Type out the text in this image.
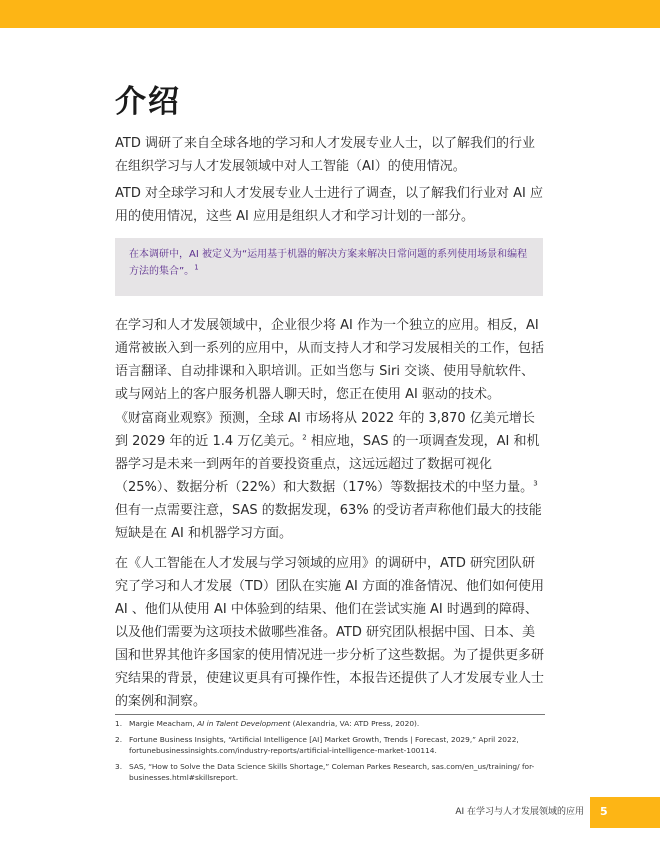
介绍

ATD 调研了来自全球各地的学习和人才发展专业人士，以了解我们的行业在组织学习与人才发展领域中对人工智能（AI）的使用情况。

ATD 对全球学习和人才发展专业人士进行了调查，以了解我们行业对 AI 应用的使用情况，这些 AI 应用是组织人才和学习计划的一部分。

在本调研中，AI 被定义为“运用基于机器的解决方案来解决日常问题的系列使用场景和编程方法的集合”。$^1$

在学习和人才发展领域中，企业很少将 AI 作为一个独立的应用。相反，AI 通常被嵌入到一系列的应用中，从而支持人才和学习发展相关的工作，包括语言翻译、自动排课和入职培训。正如当您与 Siri 交谈、使用导航软件、或与网站上的客户服务机器人聊天时，您正在使用 AI 驱动的技术。

《财富商业观察》预测，全球 AI 市场将从 2022 年的 3,870 亿美元增长到 2029 年的近 1.4 万亿美元。$^2$ 相应地，SAS 的一项调查发现，AI 和机器学习是未来一到两年的首要投资重点，这远远超过了数据可视化（25%）、数据分析（22%）和大数据（17%）等数据技术的中坚力量。$^3$

但有一点需要注意，SAS 的数据发现，63% 的受访者声称他们最大的技能短缺是在 AI 和机器学习方面。

在《人工智能在人才发展与学习领域的应用》的调研中，ATD 研究团队研究了学习和人才发展（TD）团队在实施 AI 方面的准备情况、他们如何使用 AI 、他们从使用 AI 中体验到的结果、他们在尝试实施 AI 时遇到的障碍、以及他们需要为这项技术做哪些准备。ATD 研究团队根据中国、日本、美国和世界其他许多国家的使用情况进一步分析了这些数据。为了提供更多研究结果的背景，使建议更具有可操作性，本报告还提供了人才发展专业人士的案例和洞察。

1. Margie Meacham, AI in Talent Development (Alexandria, VA: ATD Press, 2020).
2. Fortune Business Insights, “Artificial Intelligence [AI] Market Growth, Trends | Forecast, 2029,” April 2022, fortunebusinessinsights.com/industry-reports/artificial-intelligence-market-100114.
3. SAS, “How to Solve the Data Science Skills Shortage,” Coleman Parkes Research, sas.com/en_us/training/ for-businesses.html#skillsreport.

AI 在学习与人才发展领域的应用 5
